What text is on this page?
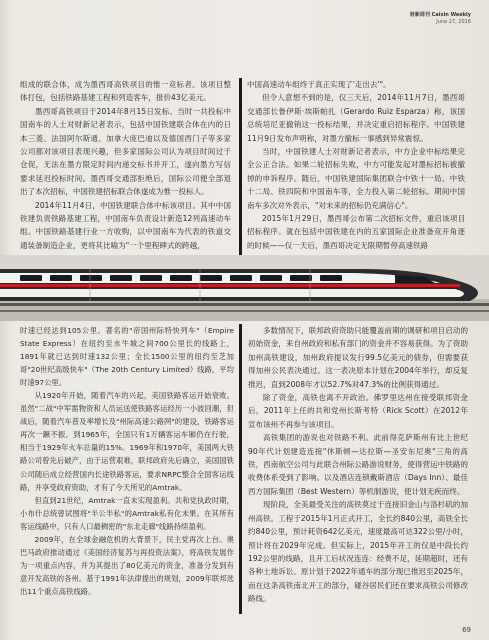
财新周刊 Caixin Weekly
June 27, 2016

组成的联合体，成为墨西哥高铁项目的惟一竞标者。该项目整体打包，包括铁路基建工程和列造客车，报价43亿美元。

墨西哥高铁项目于2014年8月15日发标。当时一共投标中国南车的人士对财新记者表示，包括中国铁建联合体在内的日本三菱、法国阿尔斯通、加拿大庞巴迪以及德国西门子等多家公司都对该项目表现兴趣，但多家国际公司认为项目时间过于仓促，无法在墨方限定时间内递交标书并开工，遂向墨方写信要求延迟投标时间。墨西哥交通部拒绝后，国际公司便全部退出了本次招标，中国铁建招标联合体遂成为惟一投标人。

2014年11月4日，中国铁建联合体中标该项目。其中中国铁建负责铁路基建工程，中国南车负责设计新造12列高速动车组。中国铁路基建行业一方收购，以中国南车为代表的铁道交通装备制造企业，更将其比喻为"一个里程碑式的跨越，

中国高速动车组终于真正实现了'走出去'"。

但令人意想不到的是，仅三天后，2014年11月7日，墨西哥交通部长鲁伊斯·埃斯帕扎（Gerardo Ruiz Esparza）称，该国总统培尼亚撤销这一投标结果，并决定重启招标程序。中国铁建11月9日发布声明称，对墨方撤标一事感到异常震惊。

当时，中国铁建人士对财新记者表示，中方企业中标结果完全公正合法。如果二轮招标失败，中方可能发起对墨标招标被撤掉的申诉程序。随后，中国铁建国际集团联合中铁十一局、中铁十二局、铁四院和中国南车等，全力投入第二轮招标。期间中国南车多次对外表示，"对未来的招标仍充满信心"。

2015年1月29日，墨西哥公布第二次招标文件，重启该项目招标程序。就在包括中国铁建在内的五家国际企业准备竞开角逐的时候——仅一天后，墨西哥决定无限期暂停高速铁路

时速已经达到105公里。著名的"帝国州际特快列车"（Empire State Express）在纽约至水牛城之间700公里长的线路上，1891年就已达到时速132公里；全长1500公里的纽约至芝加哥"20世纪高级快车"（The 20th Century Limited）线路，平均时速97公里。

从1920年开始，随着汽车的兴起，美国铁路客运开始衰败。虽然"二战"中军需物资和人员运送使铁路客运经历一小波回潮，但战后，随着汽车普及率增长及"州际高速公路网"的建设，铁路客运再次一蹶不振。到1965年，全国只有1万辆客运车厢仍在行驶，相当于1929年火车总量的15%。1969年和1970年，美国两大铁路公司曾先后破产，由于运营艰难，联邦政府先后确立，美国国铁公司随后成立经营国内长途铁路客运，要求NRPC整合全国客运线路，并享受政府资助，才有了今天所见的Amtrak。

但直到21世纪，Amtrak一直未实现盈利。共和党执政时期，小布什总统曾试图将"半公半私"的Amtrak私有化未果。在其所有客运线路中，只有人口最稠密的"东北走廊"线路持续盈利。

2009年，在全球金融危机的大背景下，民主党再次上台。奥巴马政府推动通过《美国经济复苏与再投资法案》，将高铁发展作为一项重点内容，并为其提出了80亿美元的资金，准备分发到有意开发高铁的各州。基于1991年法律提出的规划，2009年联邦选出11个重点高铁线路。

多数情况下，联邦政府资助只能覆盖前期的调研和项目启动的初始资金，来自州政府和私有部门的资金并不容易获得。为了资助加州高铁建设，加州政府提议发行99.5亿美元的债券，但需要获得加州公民表决通过。这一表决原本计划在2004年举行，却反复推迟，直到2008年才以52.7%对47.3%的比例获得通过。

除了资金，高铁也离不开政治。佛罗里达州在接受联邦资金后，2011年上任的共和党州长斯考特（Rick Scott）在2012年宣布该州不再参与该项目。

高铁集团的游说也对铁路不利。此前得克萨斯州有比上世纪90年代计划建造连接"休斯顿—达拉斯—圣安东尼奥"三角的高铁，西南航空公司与此联合州际公路游说财务，使得营运中铁路的收费体系受到了影响。以及酒店连锁戴斯酒店（Days Inn）、最佳西方国际集团（Best Western）等机制游说，使计划无疾而终。

现阶段，全美最受关注的高铁莫过于连接旧金山与洛杉矶的加州高铁。工程于2015年1月正式开工，全长约840公里，高铁全长约840公里，预计耗资642亿美元，速度最高可达322公里/小时，预计将在2029年完成。但实际上，2015年开工的仅是中段长约192公里的线路，且开工后状况连连：经费不足，延期超时，还有各种土地诉讼。原计划于2022年通车的部分现已推迟至2025年，而在这条高铁南北开工的部分，碰谷居民们还在要求高铁公司修改路线。

69
